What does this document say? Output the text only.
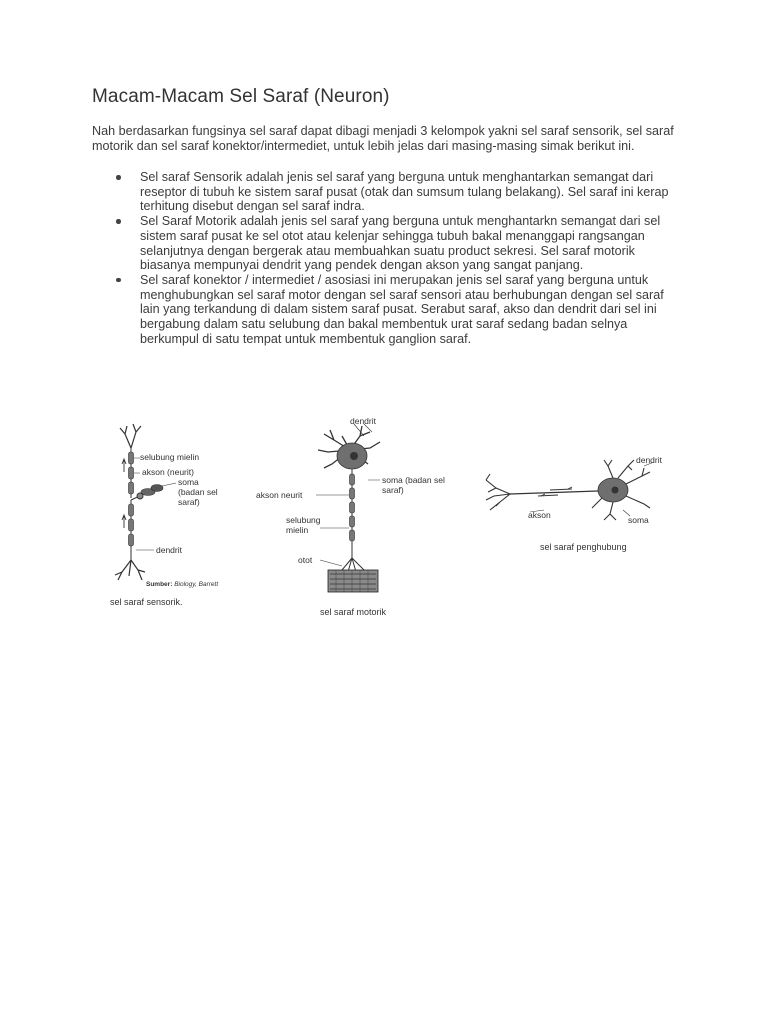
Macam-Macam Sel Saraf (Neuron)

Nah berdasarkan fungsinya sel saraf dapat dibagi menjadi 3 kelompok yakni sel saraf sensorik, sel saraf motorik dan sel saraf konektor/intermediet, untuk lebih jelas dari masing-masing simak berikut ini.

Sel saraf Sensorik adalah jenis sel saraf yang berguna untuk menghantarkan semangat dari reseptor di tubuh ke sistem saraf pusat (otak dan sumsum tulang belakang). Sel saraf ini kerap terhitung disebut dengan sel saraf indra.
Sel Saraf Motorik adalah jenis sel saraf yang berguna untuk menghantarkn semangat dari sel sistem saraf pusat ke sel otot atau kelenjar sehingga tubuh bakal menanggapi rangsangan selanjutnya dengan bergerak atau membuahkan suatu product sekresi. Sel saraf motorik biasanya mempunyai dendrit yang pendek dengan akson yang sangat panjang.
Sel saraf konektor / intermediet / asosiasi ini merupakan jenis sel saraf yang berguna untuk menghubungkan sel saraf motor dengan sel saraf sensori atau berhubungan dengan sel saraf lain yang terkandung di dalam sistem saraf pusat. Serabut saraf, akso dan dendrit dari sel ini bergabung dalam satu selubung dan bakal membentuk urat saraf sedang badan selnya berkumpul di satu tempat untuk membentuk ganglion saraf.
selubung mielin
akson (neurit)
soma
(badan sel
saraf)
dendrit
Sumber: Biology, Barrett
sel saraf sensorik.
dendrit
soma (badan sel
saraf)
akson neurit
selubung
mielin
otot
sel saraf motorik
dendrit
akson	soma
sel saraf penghubung
